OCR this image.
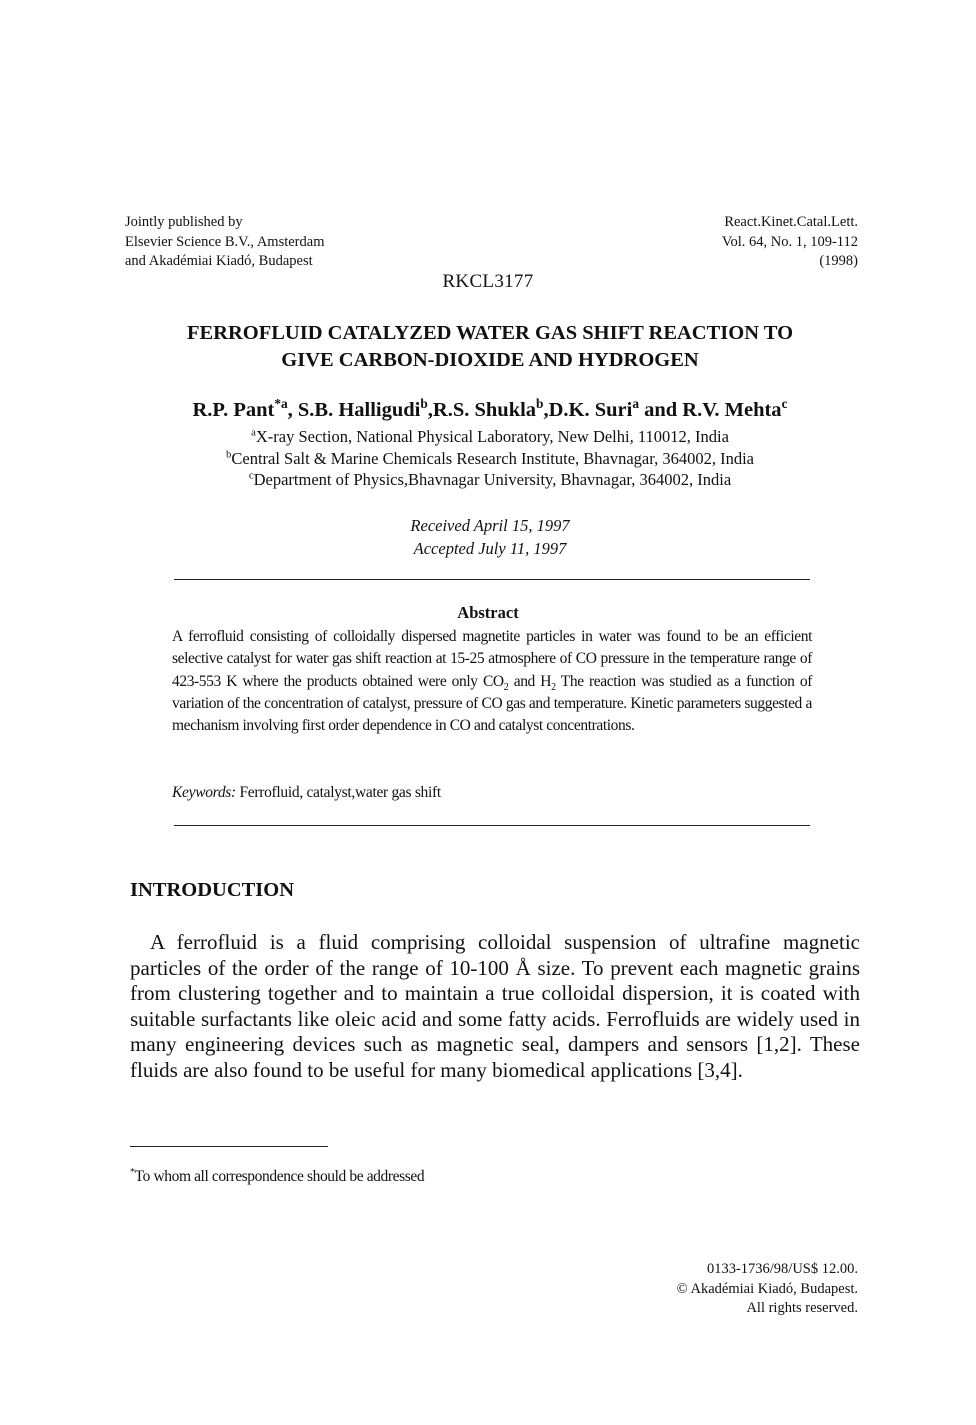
Jointly published by
Elsevier Science B.V., Amsterdam
and Akadémiai Kiadó, Budapest
React.Kinet.Catal.Lett.
Vol. 64, No. 1, 109-112
(1998)
RKCL3177
FERROFLUID CATALYZED WATER GAS SHIFT REACTION TO
GIVE CARBON-DIOXIDE AND HYDROGEN
R.P. Pant$^{*a}$, S.B. Halligudi$^b$,R.S. Shukla$^b$,D.K. Suri$^a$ and R.V. Mehta$^c$
$^a$X-ray Section, National Physical Laboratory, New Delhi, 110012, India
$^b$Central Salt & Marine Chemicals Research Institute, Bhavnagar, 364002, India
$^c$Department of Physics,Bhavnagar University, Bhavnagar, 364002, India
Received April 15, 1997
Accepted July 11, 1997
Abstract
A ferrofluid consisting of colloidally dispersed magnetite particles in water was found to be an efficient selective catalyst for water gas shift reaction at 15-25 atmosphere of CO pressure in the temperature range of 423-553 K where the products obtained were only $CO_2$ and $H_2$ The reaction was studied as a function of variation of the concentration of catalyst, pressure of CO gas and temperature. Kinetic parameters suggested a mechanism involving first order dependence in CO and catalyst concentrations.
Keywords: Ferrofluid, catalyst,water gas shift
INTRODUCTION

A ferrofluid is a fluid comprising colloidal suspension of ultrafine magnetic particles of the order of the range of 10-100 Å size. To prevent each magnetic grains from clustering together and to maintain a true colloidal dispersion, it is coated with suitable surfactants like oleic acid and some fatty acids. Ferrofluids are widely used in many engineering devices such as magnetic seal, dampers and sensors [1,2]. These fluids are also found to be useful for many biomedical applications [3,4].

*To whom all correspondence should be addressed
0133-1736/98/US$ 12.00.
© Akadémiai Kiadó, Budapest.
All rights reserved.
